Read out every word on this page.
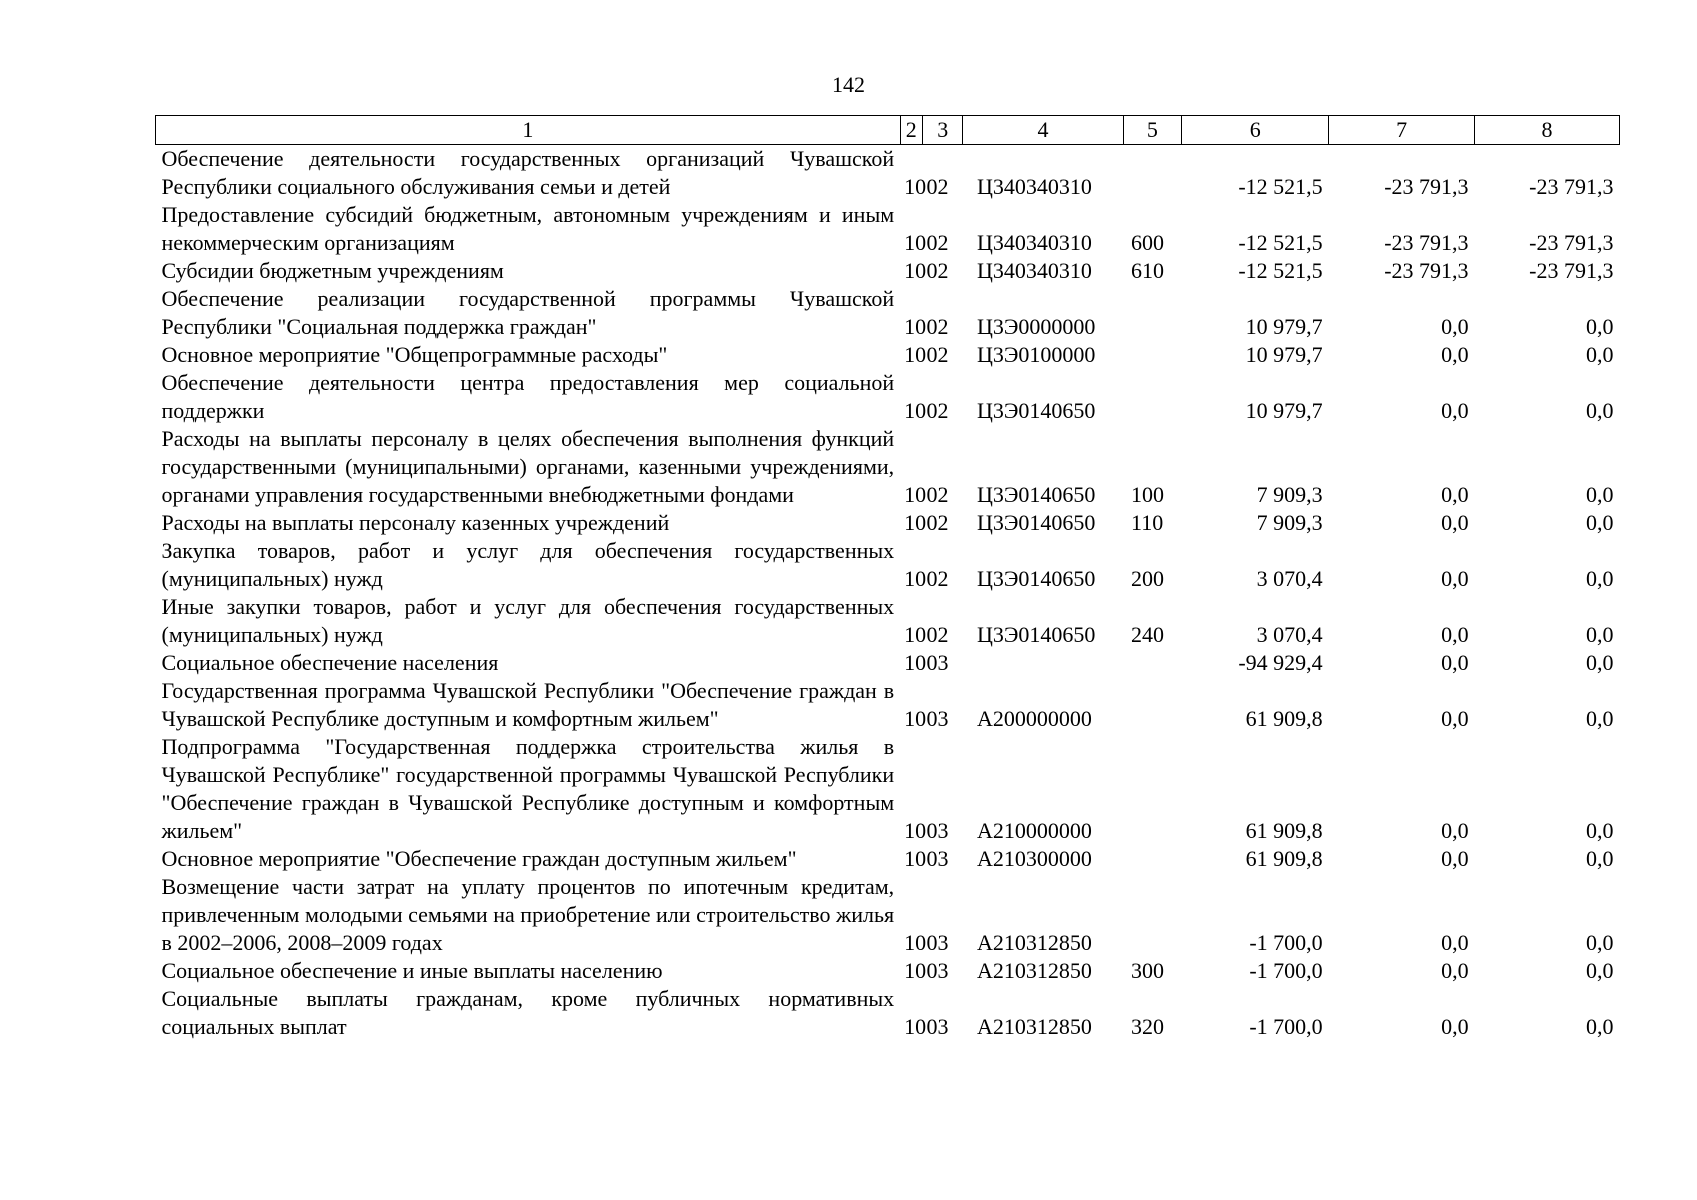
142
1	2	3	4	5	6	7	8
Обеспечение деятельности государственных организаций Чувашской Республики социального обслуживания семьи и детей	10	02	Ц340340310		-12 521,5	-23 791,3	-23 791,3
Предоставление субсидий бюджетным, автономным учреждениям и иным некоммерческим организациям	10	02	Ц340340310	600	-12 521,5	-23 791,3	-23 791,3
Субсидии бюджетным учреждениям	10	02	Ц340340310	610	-12 521,5	-23 791,3	-23 791,3
Обеспечение реализации государственной программы Чувашской Республики "Социальная поддержка граждан"	10	02	Ц3Э0000000		10 979,7	0,0	0,0
Основное мероприятие "Общепрограммные расходы"	10	02	Ц3Э0100000		10 979,7	0,0	0,0
Обеспечение деятельности центра предоставления мер социальной поддержки	10	02	Ц3Э0140650		10 979,7	0,0	0,0
Расходы на выплаты персоналу в целях обеспечения выполнения функций государственными (муниципальными) органами, казенными учреждениями, органами управления государственными внебюджетными фондами	10	02	Ц3Э0140650	100	7 909,3	0,0	0,0
Расходы на выплаты персоналу казенных учреждений	10	02	Ц3Э0140650	110	7 909,3	0,0	0,0
Закупка товаров, работ и услуг для обеспечения государственных (муниципальных) нужд	10	02	Ц3Э0140650	200	3 070,4	0,0	0,0
Иные закупки товаров, работ и услуг для обеспечения государственных (муниципальных) нужд	10	02	Ц3Э0140650	240	3 070,4	0,0	0,0
Социальное обеспечение населения	10	03			-94 929,4	0,0	0,0
Государственная программа Чувашской Республики "Обеспечение граждан в Чувашской Республике доступным и комфортным жильем"	10	03	А200000000		61 909,8	0,0	0,0
Подпрограмма "Государственная поддержка строительства жилья в Чувашской Республике" государственной программы Чувашской Республики "Обеспечение граждан в Чувашской Республике доступным и комфортным жильем"	10	03	А210000000		61 909,8	0,0	0,0
Основное мероприятие "Обеспечение граждан доступным жильем"	10	03	А210300000		61 909,8	0,0	0,0
Возмещение части затрат на уплату процентов по ипотечным кредитам, привлеченным молодыми семьями на приобретение или строительство жилья в 2002–2006, 2008–2009 годах	10	03	А210312850		-1 700,0	0,0	0,0
Социальное обеспечение и иные выплаты населению	10	03	А210312850	300	-1 700,0	0,0	0,0
Социальные выплаты гражданам, кроме публичных нормативных социальных выплат	10	03	А210312850	320	-1 700,0	0,0	0,0
